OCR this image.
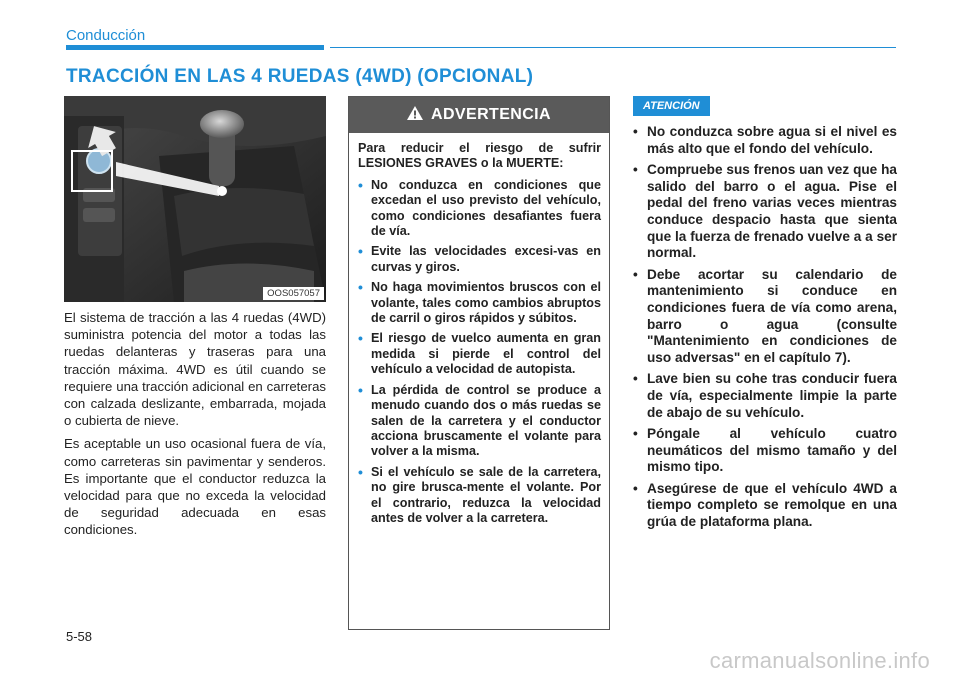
Conducción
TRACCIÓN EN LAS 4 RUEDAS (4WD) (OPCIONAL)
OOS057057

El sistema de tracción a las 4 ruedas (4WD) suministra potencia del motor a todas las ruedas delanteras y traseras para una tracción máxima. 4WD es útil cuando se requiere una tracción adicional en carreteras con calzada deslizante, embarrada, mojada o cubierta de nieve.

Es aceptable un uso ocasional fuera de vía, como carreteras sin pavimentar y senderos. Es importante que el conductor reduzca la velocidad para que no exceda la velocidad de seguridad adecuada en esas condiciones.

ADVERTENCIA

Para reducir el riesgo de sufrir LESIONES GRAVES o la MUERTE:

• No conduzca en condiciones que excedan el uso previsto del vehículo, como condiciones desafiantes fuera de vía.
• Evite las velocidades excesi-vas en curvas y giros.
• No haga movimientos bruscos con el volante, tales como cambios abruptos de carril o giros rápidos y súbitos.
• El riesgo de vuelco aumenta en gran medida si pierde el control del vehículo a velocidad de autopista.
• La pérdida de control se produce a menudo cuando dos o más ruedas se salen de la carretera y el conductor acciona bruscamente el volante para volver a la misma.
• Si el vehículo se sale de la carretera, no gire brusca-mente el volante. Por el contrario, reduzca la velocidad antes de volver a la carretera.
ATENCIÓN
• No conduzca sobre agua si el nivel es más alto que el fondo del vehículo.
• Compruebe sus frenos uan vez que ha salido del barro o el agua. Pise el pedal del freno varias veces mientras conduce despacio hasta que sienta que la fuerza de frenado vuelve a a ser normal.
• Debe acortar su calendario de mantenimiento si conduce en condiciones fuera de vía como arena, barro o agua (consulte "Mantenimiento en condiciones de uso adversas" en el capítulo 7).
• Lave bien su cohe tras conducir fuera de vía, especialmente limpie la parte de abajo de su vehículo.
• Póngale al vehículo cuatro neumáticos del mismo tamaño y del mismo tipo.
• Asegúrese de que el vehículo 4WD a tiempo completo se remolque en una grúa de plataforma plana.
5-58
carmanualsonline.info
